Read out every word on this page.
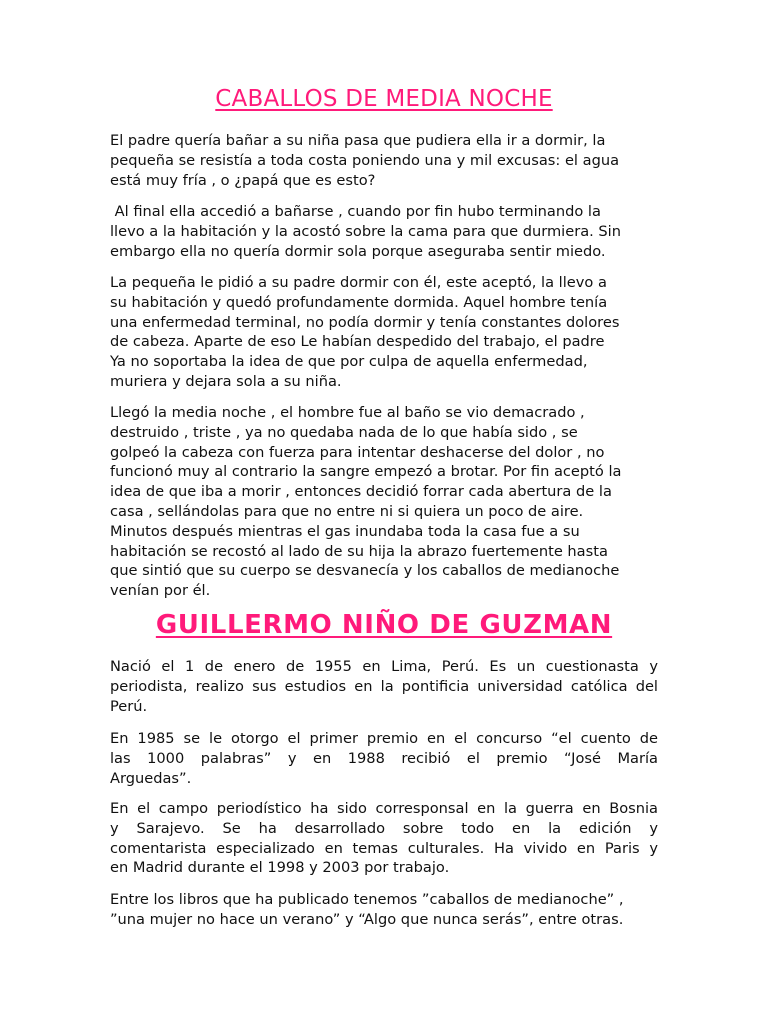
CABALLOS DE MEDIA NOCHE
El padre quería bañar a su niña pasa que pudiera ella ir a dormir, la
pequeña se resistía a toda costa poniendo una y mil excusas: el agua
está muy fría , o ¿papá que es esto?
Al final ella accedió a bañarse , cuando por fin hubo terminando la
llevo a la habitación y la acostó sobre la cama para que durmiera. Sin
embargo ella no quería dormir sola porque aseguraba sentir miedo.
La pequeña le pidió a su padre dormir con él, este aceptó, la llevo a
su habitación y quedó profundamente dormida. Aquel hombre tenía
una enfermedad terminal, no podía dormir y tenía constantes dolores
de cabeza. Aparte de eso Le habían despedido del trabajo, el padre
Ya no soportaba la idea de que por culpa de aquella enfermedad,
muriera y dejara sola a su niña.
Llegó la media noche , el hombre fue al baño se vio demacrado ,
destruido , triste , ya no quedaba nada de lo que había sido , se
golpeó la cabeza con fuerza para intentar deshacerse del dolor , no
funcionó muy al contrario la sangre empezó a brotar. Por fin aceptó la
idea de que iba a morir , entonces decidió forrar cada abertura de la
casa , sellándolas para que no entre ni si quiera un poco de aire.
Minutos después mientras el gas inundaba toda la casa fue a su
habitación se recostó al lado de su hija la abrazo fuertemente hasta
que sintió que su cuerpo se desvanecía y los caballos de medianoche
venían por él.
GUILLERMO NIÑO DE GUZMAN
Nació el 1 de enero de 1955 en Lima, Perú. Es un cuestionasta y
periodista, realizo sus estudios en la pontificia universidad católica del
Perú.
En 1985 se le otorgo el primer premio en el concurso “el cuento de
las 1000 palabras” y en 1988 recibió el premio “José María
Arguedas”.
En el campo periodístico ha sido corresponsal en la guerra en Bosnia
y Sarajevo. Se ha desarrollado sobre todo en la edición y
comentarista especializado en temas culturales. Ha vivido en Paris y
en Madrid durante el 1998 y 2003 por trabajo.
Entre los libros que ha publicado tenemos ”caballos de medianoche” ,
”una mujer no hace un verano” y “Algo que nunca serás”, entre otras.
